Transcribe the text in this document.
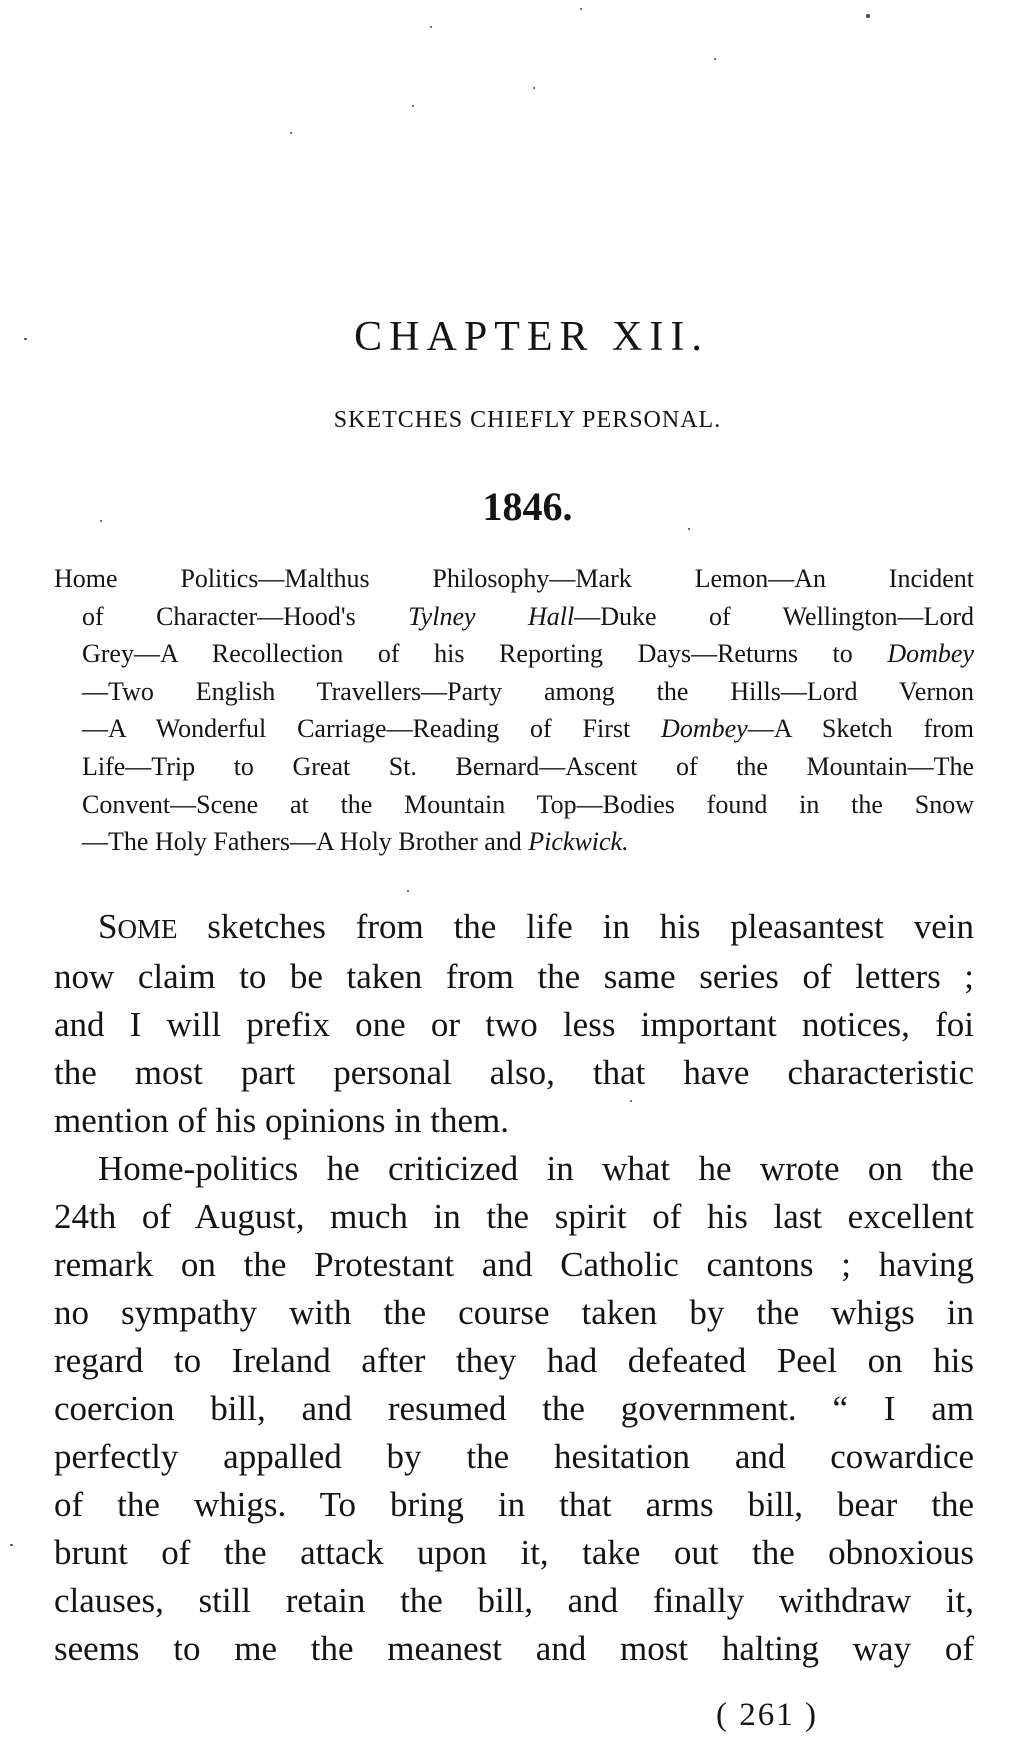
CHAPTER XII.
SKETCHES CHIEFLY PERSONAL.
1846.
Home Politics—Malthus Philosophy—Mark Lemon—An Incident
of Character—Hood's Tylney Hall—Duke of Wellington—Lord
Grey—A Recollection of his Reporting Days—Returns to Dombey
—Two English Travellers—Party among the Hills—Lord Vernon
—A Wonderful Carriage—Reading of First Dombey—A Sketch from
Life—Trip to Great St. Bernard—Ascent of the Mountain—The
Convent—Scene at the Mountain Top—Bodies found in the Snow
—The Holy Fathers—A Holy Brother and Pickwick.
SOME sketches from the life in his pleasantest vein
now claim to be taken from the same series of letters ;
and I will prefix one or two less important notices, foi
the most part personal also, that have characteristic
mention of his opinions in them.
Home-politics he criticized in what he wrote on the
24th of August, much in the spirit of his last excellent
remark on the Protestant and Catholic cantons ; having
no sympathy with the course taken by the whigs in
regard to Ireland after they had defeated Peel on his
coercion bill, and resumed the government. “ I am
perfectly appalled by the hesitation and cowardice
of the whigs. To bring in that arms bill, bear the
brunt of the attack upon it, take out the obnoxious
clauses, still retain the bill, and finally withdraw it,
seems to me the meanest and most halting way of
( 261 )
